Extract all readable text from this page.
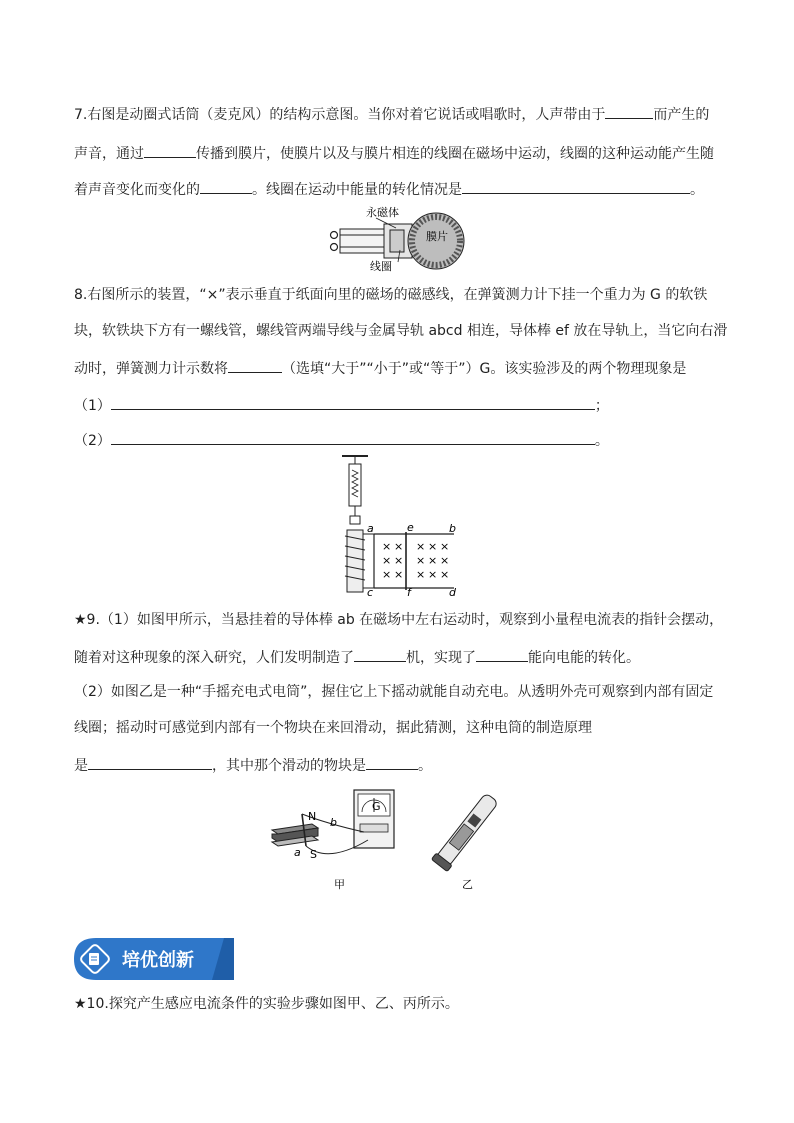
7.右图是动圈式话筒（麦克风）的结构示意图。当你对着它说话或唱歌时，人声带由于	而产生的
声音，通过	传播到膜片，使膜片以及与膜片相连的线圈在磁场中运动，线圈的这种运动能产生随
着声音变化而变化的	。线圈在运动中能量的转化情况是	。
永磁体
膜片
线圈
8.右图所示的装置，“×”表示垂直于纸面向里的磁场的磁感线，在弹簧测力计下挂一个重力为 G 的软铁
块，软铁块下方有一螺线管，螺线管两端导线与金属导轨 abcd 相连，导体棒 ef 放在导轨上，当它向右滑
动时，弹簧测力计示数将	（选填“大于”“小于”或“等于”）G。该实验涉及的两个物理现象是
（1）	；
（2）	。
× × × × ×
× × × × ×
× × × × ×
a	b
c	d
e
f
★9.（1）如图甲所示，当悬挂着的导体棒 ab 在磁场中左右运动时，观察到小量程电流表的指针会摆动，
随着对这种现象的深入研究，人们发明制造了	机，实现了	能向电能的转化。
（2）如图乙是一种“手摇充电式电筒”，握住它上下摇动就能自动充电。从透明外壳可观察到内部有固定
线圈；摇动时可感觉到内部有一个物块在来回滑动，据此猜测，这种电筒的制造原理
是	，其中那个滑动的物块是	。
N
S
a
b
G
甲	乙
培优创新
★10.探究产生感应电流条件的实验步骤如图甲、乙、丙所示。
